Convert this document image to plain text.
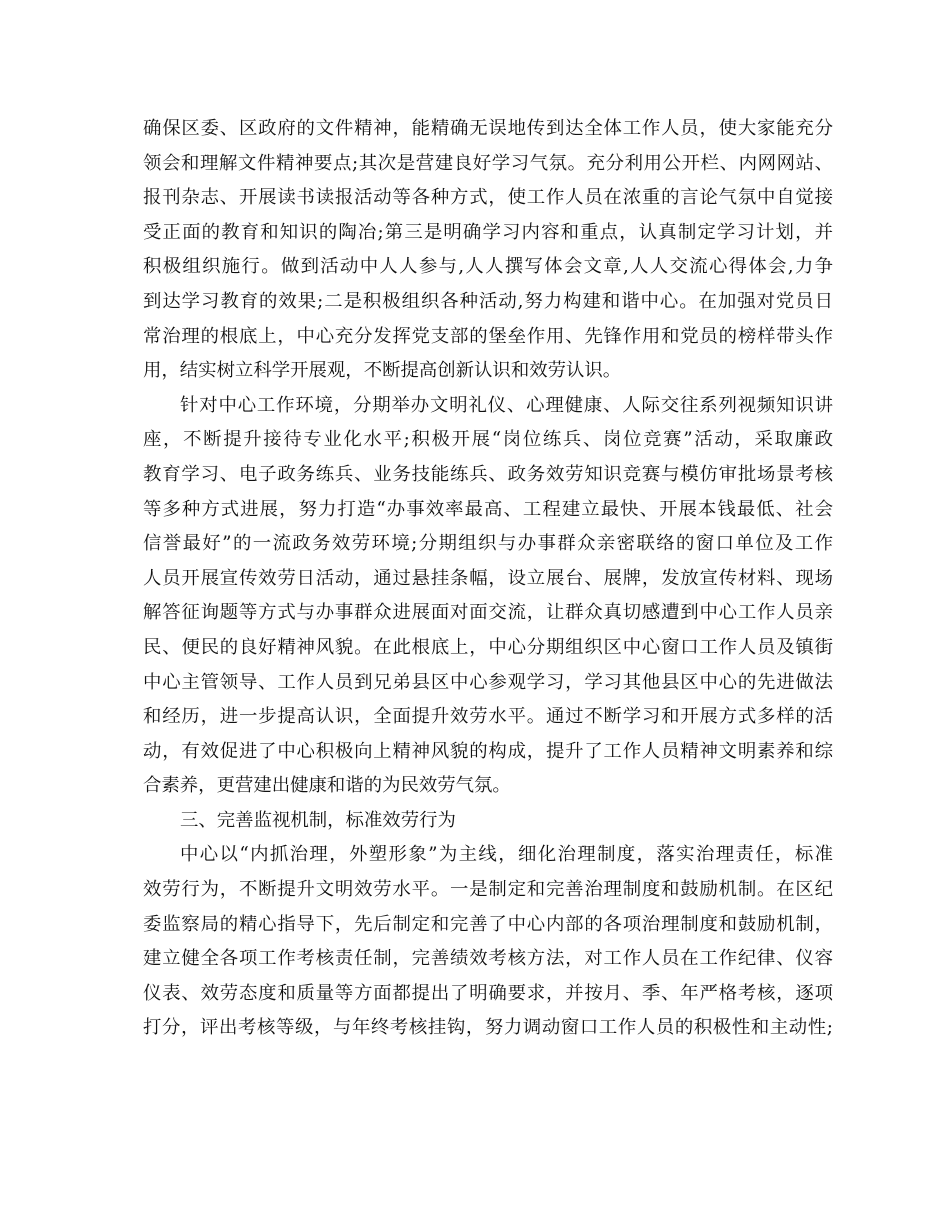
确保区委、区政府的文件精神，能精确无误地传到达全体工作人员，使大家能充分
领会和理解文件精神要点;其次是营建良好学习气氛。充分利用公开栏、内网网站、
报刊杂志、开展读书读报活动等各种方式，使工作人员在浓重的言论气氛中自觉接
受正面的教育和知识的陶冶;第三是明确学习内容和重点，认真制定学习计划，并
积极组织施行。做到活动中人人参与,人人撰写体会文章,人人交流心得体会,力争
到达学习教育的效果;二是积极组织各种活动,努力构建和谐中心。在加强对党员日
常治理的根底上，中心充分发挥党支部的堡垒作用、先锋作用和党员的榜样带头作
用，结实树立科学开展观，不断提高创新认识和效劳认识。
针对中心工作环境，分期举办文明礼仪、心理健康、人际交往系列视频知识讲
座，不断提升接待专业化水平;积极开展“岗位练兵、岗位竞赛”活动，采取廉政
教育学习、电子政务练兵、业务技能练兵、政务效劳知识竞赛与模仿审批场景考核
等多种方式进展，努力打造“办事效率最高、工程建立最快、开展本钱最低、社会
信誉最好”的一流政务效劳环境;分期组织与办事群众亲密联络的窗口单位及工作
人员开展宣传效劳日活动，通过悬挂条幅，设立展台、展牌，发放宣传材料、现场
解答征询题等方式与办事群众进展面对面交流，让群众真切感遭到中心工作人员亲
民、便民的良好精神风貌。在此根底上，中心分期组织区中心窗口工作人员及镇街
中心主管领导、工作人员到兄弟县区中心参观学习，学习其他县区中心的先进做法
和经历，进一步提高认识，全面提升效劳水平。通过不断学习和开展方式多样的活
动，有效促进了中心积极向上精神风貌的构成，提升了工作人员精神文明素养和综
合素养，更营建出健康和谐的为民效劳气氛。
三、完善监视机制，标准效劳行为
中心以“内抓治理，外塑形象”为主线，细化治理制度，落实治理责任，标准
效劳行为，不断提升文明效劳水平。一是制定和完善治理制度和鼓励机制。在区纪
委监察局的精心指导下，先后制定和完善了中心内部的各项治理制度和鼓励机制，
建立健全各项工作考核责任制，完善绩效考核方法，对工作人员在工作纪律、仪容
仪表、效劳态度和质量等方面都提出了明确要求，并按月、季、年严格考核，逐项
打分，评出考核等级，与年终考核挂钩，努力调动窗口工作人员的积极性和主动性;
